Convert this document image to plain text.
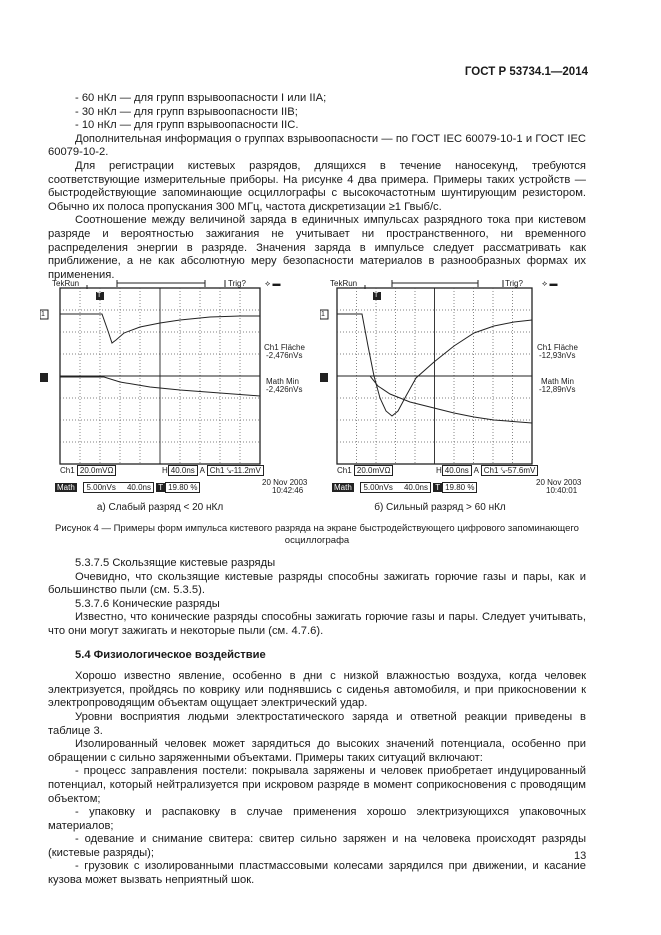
ГОСТ Р 53734.1—2014

- 60 нКл — для групп взрывоопасности I или IIA;

- 30 нКл — для групп взрывоопасности IIB;

- 10 нКл — для групп взрывоопасности IIC.

Дополнительная информация о группах взрывоопасности — по ГОСТ IEC 60079-10-1 и ГОСТ IEC 60079-10-2.

Для регистрации кистевых разрядов, длящихся в течение наносекунд, требуются соответствующие измерительные приборы. На рисунке 4 два примера. Примеры таких устройств — быстродействующие запоминающие осциллографы с высокочастотным шунтирующим резистором. Обычно их полоса пропускания 300 МГц, частота дискретизации ≥1 Гвыб/с.

Соотношение между величиной заряда в единичных импульсах разрядного тока при кистевом разряде и вероятностью зажигания не учитывает ни пространственного, ни временного распределения энергии в разряде. Значения заряда в импульсе следует рассматривать как приближение, а не как абсолютную меру безопасности материалов в разнообразных формах их применения.

TekRun	Trig? ⟡ ▬
1
T
Ch1 Fläche
-2,476nVs
Math Min
-2,426nVs
Ch1 20.0mVΩ	H 40.0ns A Ch1 ⤥-11.2mV
Math 5.00nVs 40.0ns T 19.80 %
20 Nov 2003
10:42:46
а) Слабый разряд < 20 нКл
TekRun	Trig? ⟡ ▬
1
T
Ch1 Fläche
-12,93nVs
Math Min
-12,89nVs
Ch1 20.0mVΩ	H 40.0ns A Ch1 ⤥-57.6mV
Math 5.00nVs 40.0ns T 19.80 %
20 Nov 2003
10:40:01
б) Сильный разряд > 60 нКл
Рисунок 4 — Примеры форм импульса кистевого разряда на экране быстродействующего цифрового запоминающего осциллографа

5.3.7.5 Скользящие кистевые разряды

Очевидно, что скользящие кистевые разряды способны зажигать горючие газы и пары, как и большинство пыли (см. 5.3.5).

5.3.7.6 Конические разряды

Известно, что конические разряды способны зажигать горючие газы и пары. Следует учитывать, что они могут зажигать и некоторые пыли (см. 4.7.6).

5.4 Физиологическое воздействие

Хорошо известно явление, особенно в дни с низкой влажностью воздуха, когда человек электризуется, пройдясь по коврику или поднявшись с сиденья автомобиля, и при прикосновении к электропроводящим объектам ощущает электрический удар.

Уровни восприятия людьми электростатического заряда и ответной реакции приведены в таблице 3.

Изолированный человек может зарядиться до высоких значений потенциала, особенно при обращении с сильно заряженными объектами. Примеры таких ситуаций включают:

- процесс заправления постели: покрывала заряжены и человек приобретает индуцированный потенциал, который нейтрализуется при искровом разряде в момент соприкосновения с проводящим объектом;

- упаковку и распаковку в случае применения хорошо электризующихся упаковочных материалов;

- одевание и снимание свитера: свитер сильно заряжен и на человека происходят разряды (кистевые разряды);

- грузовик с изолированными пластмассовыми колесами зарядился при движении, и касание кузова может вызвать неприятный шок.

13
